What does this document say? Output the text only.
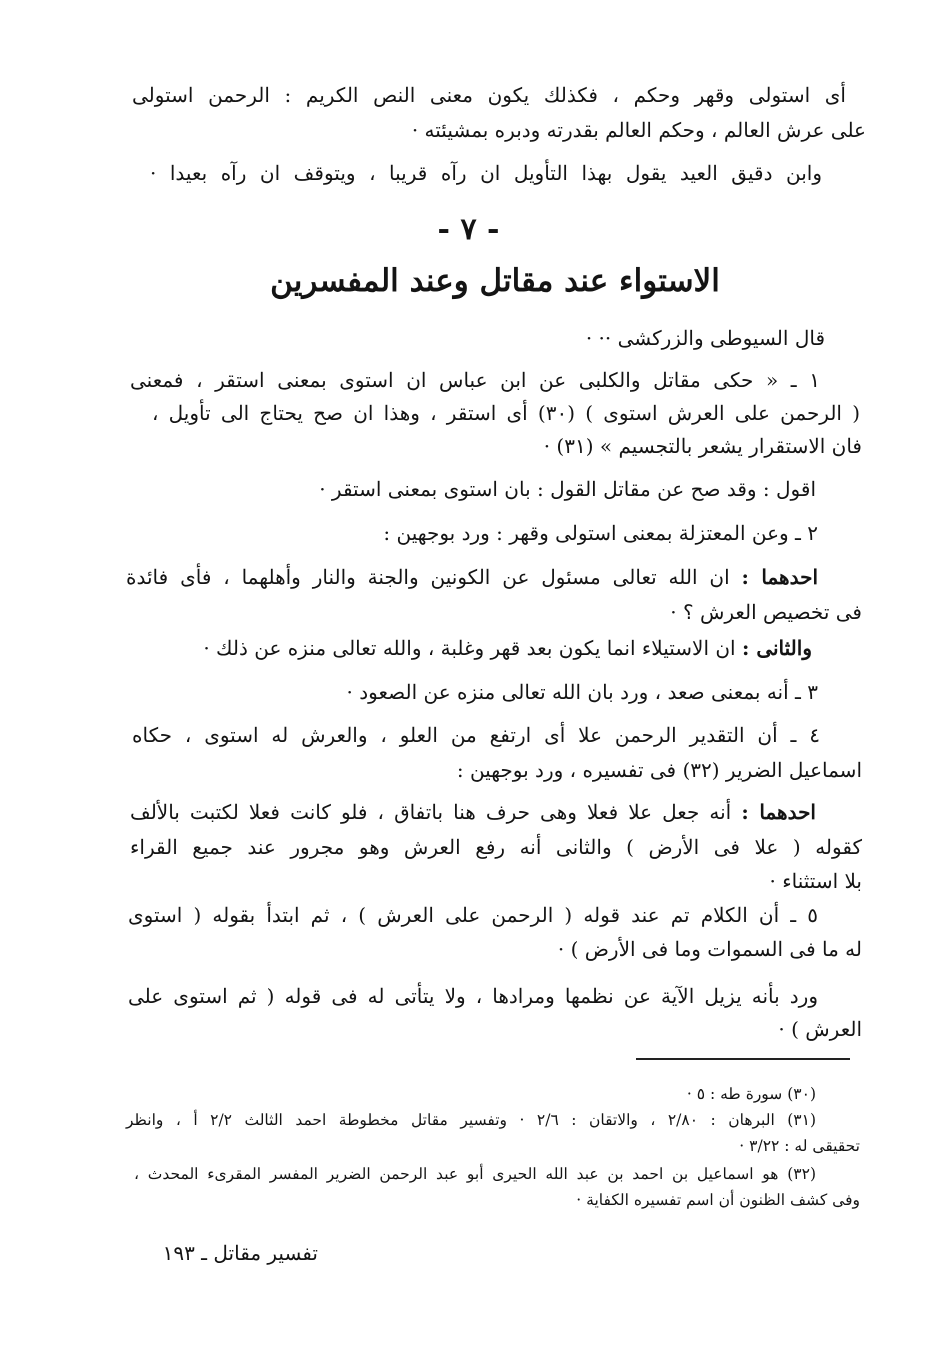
أى استولى وقهر وحكم ، فكذلك يكون معنى النص الكريم : الرحمن استولى
على عرش العالم ، وحكم العالم بقدرته ودبره بمشيئته ·
وابن دقيق العيد يقول بهذا التأويل ان رآه قريبا ، ويتوقف ان رآه بعيدا ·
- ٧ -
الاستواء عند مقاتل وعند المفسرين
قال السيوطى والزركشى ·· ·
١ ـ « حكى مقاتل والكلبى عن ابن عباس ان استوى بمعنى استقر ، فمعنى
( الرحمن على العرش استوى ) (٣٠) أى استقر ، وهذا ان صح يحتاج الى تأويل ،
فان الاستقرار يشعر بالتجسيم » (٣١) ·
اقول : وقد صح عن مقاتل القول : بان استوى بمعنى استقر ·
٢ ـ وعن المعتزلة بمعنى استولى وقهر : ورد بوجهين :
احدهما : ان الله تعالى مسئول عن الكونين والجنة والنار وأهلهما ، فأى فائدة
فى تخصيص العرش ؟ ·
والثانى : ان الاستيلاء انما يكون بعد قهر وغلبة ، والله تعالى منزه عن ذلك ·
٣ ـ أنه بمعنى صعد ، ورد بان الله تعالى منزه عن الصعود ·
٤ ـ أن التقدير الرحمن علا أى ارتفع من العلو ، والعرش له استوى ، حكاه
اسماعيل الضرير (٣٢) فى تفسيره ، ورد بوجهين :
احدهما : أنه جعل علا فعلا وهى حرف هنا باتفاق ، فلو كانت فعلا لكتبت بالألف
كقوله ( علا فى الأرض ) والثانى أنه رفع العرش وهو مجرور عند جميع القراء
بلا استثناء ·
٥ ـ أن الكلام تم عند قوله ( الرحمن على العرش ) ، ثم ابتدأ بقوله ( استوى
له ما فى السموات وما فى الأرض ) ·
ورد بأنه يزيل الآية عن نظمها ومرادها ، ولا يتأتى له فى قوله ( ثم استوى على
العرش ) ·
(٣٠) سورة طه : ٥ ·
(٣١) البرهان : ٢/٨٠ ، والاتقان : ٢/٦ · وتفسير مقاتل مخطوطة احمد الثالث ٢/٢ أ ، وانظر
تحقيقى له : ٣/٢٢ ·
(٣٢) هو اسماعيل بن احمد بن عبد الله الحيرى أبو عبد الرحمن الضرير المفسر المقرىء المحدث ،
وفى كشف الظنون أن اسم تفسيره الكفاية ·
تفسير مقاتل ـ ١٩٣
